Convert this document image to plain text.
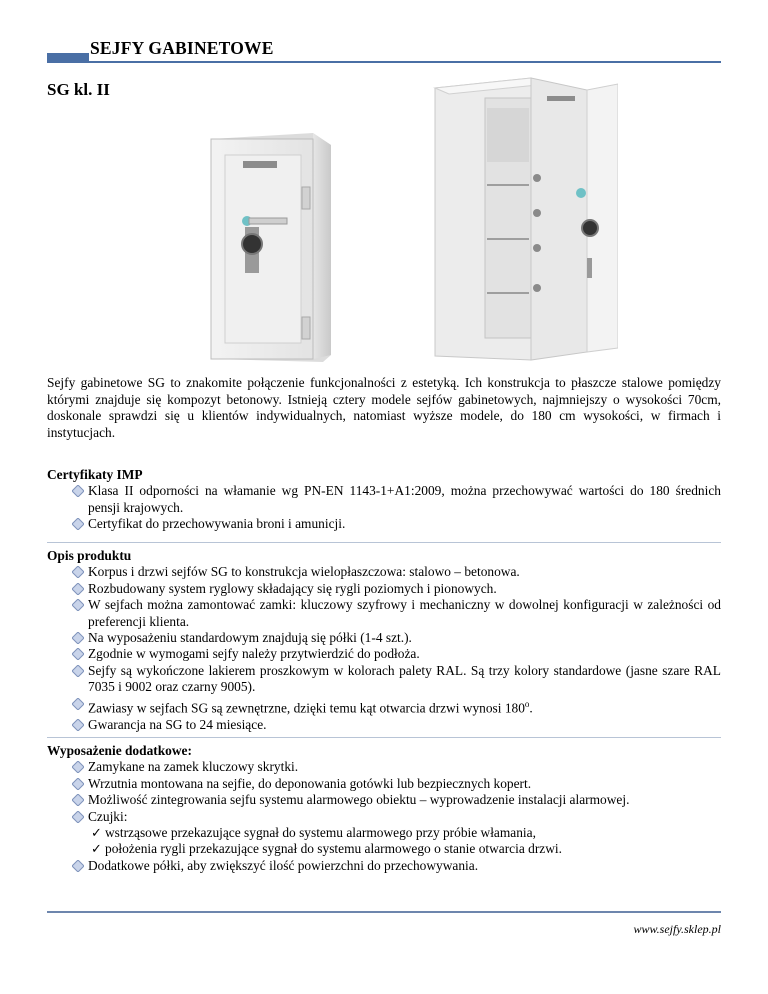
SEJFY GABINETOWE
SG kl. II
Sejfy gabinetowe SG to znakomite połączenie funkcjonalności z estetyką. Ich konstrukcja to płaszcze stalowe pomiędzy którymi znajduje się kompozyt betonowy. Istnieją cztery modele sejfów gabinetowych, najmniejszy o wysokości 70cm, doskonale sprawdzi się u klientów indywidualnych, natomiast wyższe modele, do 180 cm wysokości, w firmach i instytucjach.
Certyfikaty IMP
Klasa II odporności na włamanie wg PN-EN 1143-1+A1:2009, można przechowywać wartości do 180 średnich pensji krajowych.
Certyfikat do przechowywania broni i amunicji.
Opis produktu
Korpus i drzwi sejfów SG to konstrukcja wielopłaszczowa: stalowo – betonowa.
Rozbudowany system ryglowy składający się rygli poziomych i pionowych.
W sejfach można zamontować zamki: kluczowy szyfrowy i mechaniczny w dowolnej konfiguracji w zależności od preferencji klienta.
Na wyposażeniu standardowym znajdują się półki (1-4 szt.).
Zgodnie w wymogami sejfy należy przytwierdzić do podłoża.
Sejfy są wykończone lakierem proszkowym w kolorach palety RAL. Są trzy kolory standardowe (jasne szare RAL 7035 i 9002 oraz czarny 9005).
Zawiasy w sejfach SG są zewnętrzne, dzięki temu kąt otwarcia drzwi wynosi 180$^o$.
Gwarancja na SG to 24 miesiące.
Wyposażenie dodatkowe:
Zamykane na zamek kluczowy skrytki.
Wrzutnia montowana na sejfie, do deponowania gotówki lub bezpiecznych kopert.
Możliwość zintegrowania sejfu systemu alarmowego obiektu – wyprowadzenie instalacji alarmowej.
Czujki:
✓ wstrząsowe przekazujące sygnał do systemu alarmowego przy próbie włamania,
✓ położenia rygli przekazujące sygnał do systemu alarmowego o stanie otwarcia drzwi.
Dodatkowe półki, aby zwiększyć ilość powierzchni do przechowywania.
www.sejfy.sklep.pl
